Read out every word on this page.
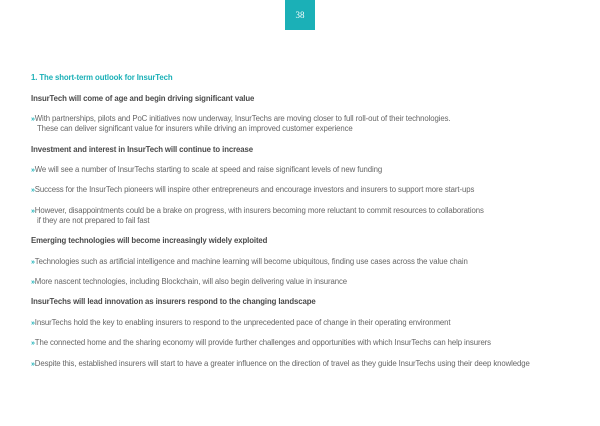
38
1. The short-term outlook for InsurTech
InsurTech will come of age and begin driving significant value
»With partnerships, pilots and PoC initiatives now underway, InsurTechs are moving closer to full roll-out of their technologies.
These can deliver significant value for insurers while driving an improved customer experience
Investment and interest in InsurTech will continue to increase
»We will see a number of InsurTechs starting to scale at speed and raise significant levels of new funding
»Success for the InsurTech pioneers will inspire other entrepreneurs and encourage investors and insurers to support more start-ups
»However, disappointments could be a brake on progress, with insurers becoming more reluctant to commit resources to collaborations
if they are not prepared to fail fast
Emerging technologies will become increasingly widely exploited
»Technologies such as artificial intelligence and machine learning will become ubiquitous, finding use cases across the value chain
»More nascent technologies, including Blockchain, will also begin delivering value in insurance
InsurTechs will lead innovation as insurers respond to the changing landscape
»InsurTechs hold the key to enabling insurers to respond to the unprecedented pace of change in their operating environment
»The connected home and the sharing economy will provide further challenges and opportunities with which InsurTechs can help insurers
»Despite this, established insurers will start to have a greater influence on the direction of travel as they guide InsurTechs using their deep knowledge
